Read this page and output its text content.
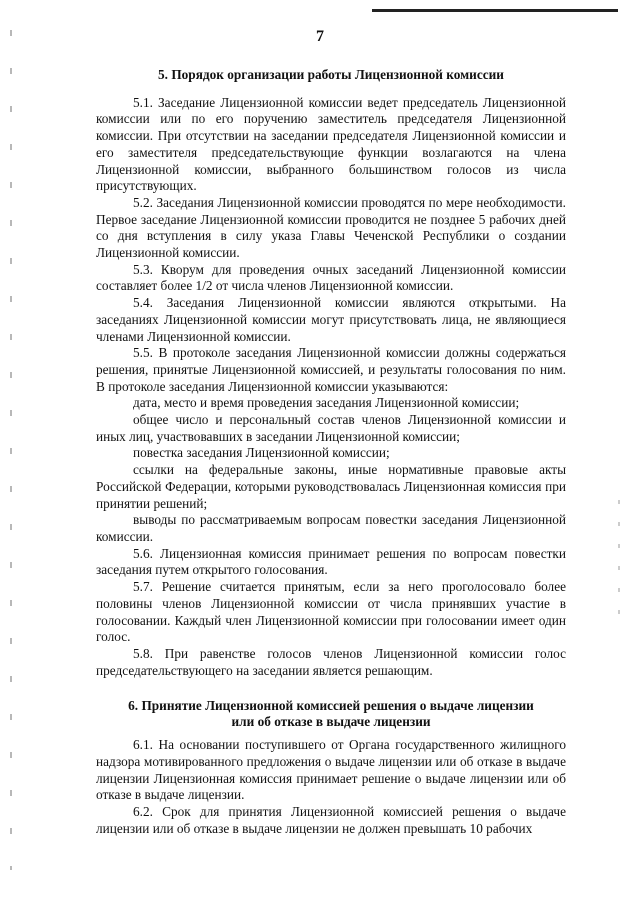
7
5. Порядок организации работы Лицензионной комиссии

5.1. Заседание Лицензионной комиссии ведет председатель Лицензионной комиссии или по его поручению заместитель председателя Лицензионной комиссии. При отсутствии на заседании председателя Лицензионной комиссии и его заместителя председательствующие функции возлагаются на члена Лицензионной комиссии, выбранного большинством голосов из числа присутствующих.

5.2. Заседания Лицензионной комиссии проводятся по мере необходимости. Первое заседание Лицензионной комиссии проводится не позднее 5 рабочих дней со дня вступления в силу указа Главы Чеченской Республики о создании Лицензионной комиссии.

5.3. Кворум для проведения очных заседаний Лицензионной комиссии составляет более 1/2 от числа членов Лицензионной комиссии.

5.4. Заседания Лицензионной комиссии являются открытыми. На заседаниях Лицензионной комиссии могут присутствовать лица, не являющиеся членами Лицензионной комиссии.

5.5. В протоколе заседания Лицензионной комиссии должны содержаться решения, принятые Лицензионной комиссией, и результаты голосования по ним. В протоколе заседания Лицензионной комиссии указываются:

дата, место и время проведения заседания Лицензионной комиссии;

общее число и персональный состав членов Лицензионной комиссии и иных лиц, участвовавших в заседании Лицензионной комиссии;

повестка заседания Лицензионной комиссии;

ссылки на федеральные законы, иные нормативные правовые акты Российской Федерации, которыми руководствовалась Лицензионная комиссия при принятии решений;

выводы по рассматриваемым вопросам повестки заседания Лицензионной комиссии.

5.6. Лицензионная комиссия принимает решения по вопросам повестки заседания путем открытого голосования.

5.7. Решение считается принятым, если за него проголосовало более половины членов Лицензионной комиссии от числа принявших участие в голосовании. Каждый член Лицензионной комиссии при голосовании имеет один голос.

5.8. При равенстве голосов членов Лицензионной комиссии голос председательствующего на заседании является решающим.

6. Принятие Лицензионной комиссией решения о выдаче лицензии
или об отказе в выдаче лицензии

6.1. На основании поступившего от Органа государственного жилищного надзора мотивированного предложения о выдаче лицензии или об отказе в выдаче лицензии Лицензионная комиссия принимает решение о выдаче лицензии или об отказе в выдаче лицензии.

6.2. Срок для принятия Лицензионной комиссией решения о выдаче лицензии или об отказе в выдаче лицензии не должен превышать 10 рабочих
